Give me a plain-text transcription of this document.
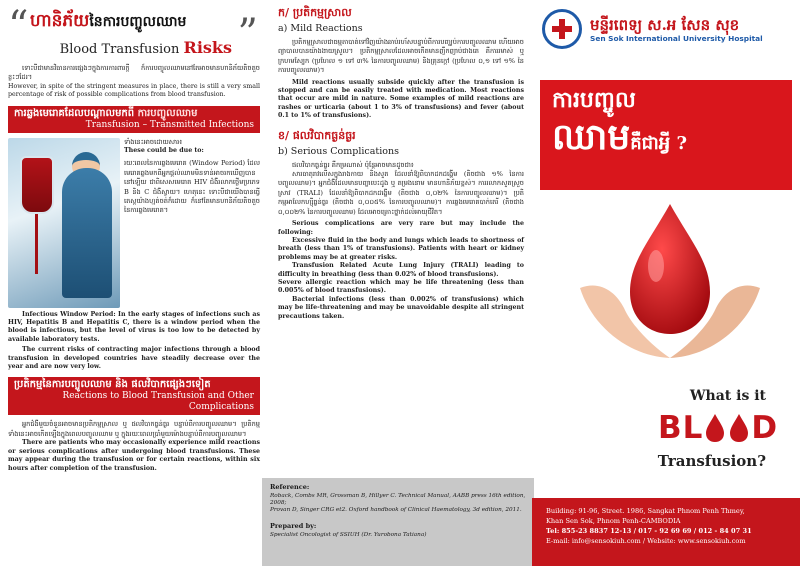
“ ហានិភ័យនៃការបញ្ចូលឈាម
Blood Transfusion Risks ”

ទោះបីជាមានវិធានការផ្សេងៗក្នុងការការពារក្តី ក៏ការបញ្ចូលឈាមនៅតែអាចមានហានិភ័យតិចតួចខ្លះៗដែរ។

However, in spite of the stringent measures in place, there is still a very small percentage of risk of possible complications from blood transfusion.

ការឆ្លងមេរោគដែលបណ្តាលមកពី ការបញ្ចូលឈាម
Transfusion – Transmitted Infections

ទាំងនេះអាចដោយសារ៖

These could be due to:

រយៈពេលនៃការឆ្លងមេរោគ (Window Period) ដែលមេរោគឆ្លងមកពីអ្នកផ្តល់ឈាមមិនទាន់អាចរកឃើញបាននៅឡើយ ជាពិសេសមេរោគ HIV ជំងឺរលាកថ្លើមប្រភេទ B និង C ជំងឺស្វាយ។ ហេតុនេះ ទោះបីជាយើងបានធ្វើតេស្តយ៉ាងហ្មត់ចត់ក៏ដោយ ក៏នៅតែមានហានិភ័យតិចតួចនៃការឆ្លងមេរោគ។

Infectious Window Period: In the early stages of infections such as HIV, Hepatitis B and Hepatitis C, there is a window period when the blood is infectious, but the level of virus is too low to be detected by available laboratory tests.

The current risks of contracting major infections through a blood transfusion in developed countries have steadily decrease over the year and are now very low.

ប្រតិកម្មនៃការបញ្ចូលឈាម និង ផលវិបាកផ្សេងៗទៀត
Reactions to Blood Transfusion and Other Complications

អ្នកជំងឺមួយចំនួនអាចមានប្រតិកម្មស្រាល ឬ ផលវិបាកធ្ងន់ធ្ងរ បន្ទាប់ពីការបញ្ចូលឈាម។ ប្រតិកម្មទាំងនេះអាចកើតឡើងក្នុងពេលបញ្ចូលឈាម ឬ ក្នុងរយៈពេលប្រាំមួយម៉ោងបន្ទាប់ពីការបញ្ចូលឈាម។

There are patients who may occasionally experience mild reactions or serious complications after undergoing blood transfusions. These may appear during the transfusion or for certain reactions, within six hours after completion of the transfusion.

ក/ ប្រតិកម្មស្រាល
a) Mild Reactions

ប្រតិកម្មស្រាលជាធម្មតាបាត់ទៅវិញយ៉ាងឆាប់រហ័សបន្ទាប់ពីការបញ្ឈប់ការបញ្ចូលឈាម ហើយអាចព្យាបាលបានយ៉ាងងាយស្រួល។ ប្រតិកម្មស្រាលដែលអាចកើតមានញឹកញាប់ជាងគេ គឺការរមាស់ ឬ ក្រហមស្បែក (ប្រហែល ១ ទៅ ៣% នៃការបញ្ចូលឈាម) និងគ្រុនក្តៅ (ប្រហែល ០,១ ទៅ ១% នៃការបញ្ចូលឈាម)។

Mild reactions usually subside quickly after the transfusion is stopped and can be easily treated with medication. Most reactions that occur are mild in nature. Some examples of mild reactions are rashes or urticaria (about 1 to 3% of transfusions) and fever (about 0.1 to 1% of transfusions).

ខ/ ផលវិបាកធ្ងន់ធ្ងរ
b) Serious Complications

ផលវិបាកធ្ងន់ធ្ងរ គឺកម្រណាស់ ប៉ុន្តែអាចមានដូចជា៖

សារធាតុរាវលើសក្នុងរាងកាយ និងសួត ដែលនាំឱ្យពិបាកដកដង្ហើម (តិចជាង ១% នៃការបញ្ចូលឈាម)។ អ្នកជំងឺដែលមានបញ្ហាបេះដូង ឬ តម្រងនោម មានហានិភ័យខ្ពស់។ ការរលាកសួតស្រួចស្រាវ (TRALI) ដែលនាំឱ្យពិបាកដកដង្ហើម (តិចជាង ០,០២% នៃការបញ្ចូលឈាម)។ ប្រតិកម្មអាលែកហ្ស៊ីធ្ងន់ធ្ងរ (តិចជាង ០,០០៥% នៃការបញ្ចូលឈាម)។ ការឆ្លងមេរោគបាក់តេរី (តិចជាង ០,០០២% នៃការបញ្ចូលឈាម) ដែលអាចគ្រោះថ្នាក់ដល់អាយុជីវិត។

Serious complications are very rare but may include the following:

Excessive fluid in the body and lungs which leads to shortness of breath (less than 1% of transfusions). Patients with heart or kidney problems may be at greater risks.

Transfusion Related Acute Lung Injury (TRALI) leading to difficulty in breathing (less than 0.02% of blood transfusions).

Severe allergic reaction which may be life threatening (less than 0.005% of blood transfusions).

Bacterial infections (less than 0.002% of transfusions) which may be life-threatening and may be unavoidable despite all stringent precautions taken.

Reference:
Roback, Combs MR, Grossman B, Hillyer C. Technical Manual, AABB press 16th edition, 2008;
Provan D, Singer CRG et2. Oxford handbook of Clinical Haematology, 3d edition, 2011.
Prepared by:
Specialist Oncologist of SSIUH (Dr. Yurobona Tatiana)
មន្ទីរពេទ្យ ស.អ សែន សុខ
Sen Sok International University Hospital
ការបញ្ចូល
ឈាមគឺជាអ្វី ?
What is it
BL D
Transfusion?
Building: 91-96, Street. 1986, Sangkat Phnom Penh Thmey,
Khan Sen Sok, Phnom Penh-CAMBODIA
Tel: 855-23 8837 12-13 / 017 - 92 69 69 / 012 - 84 07 31
E-mail: info@sensokiuh.com / Website: www.sensokiuh.com
